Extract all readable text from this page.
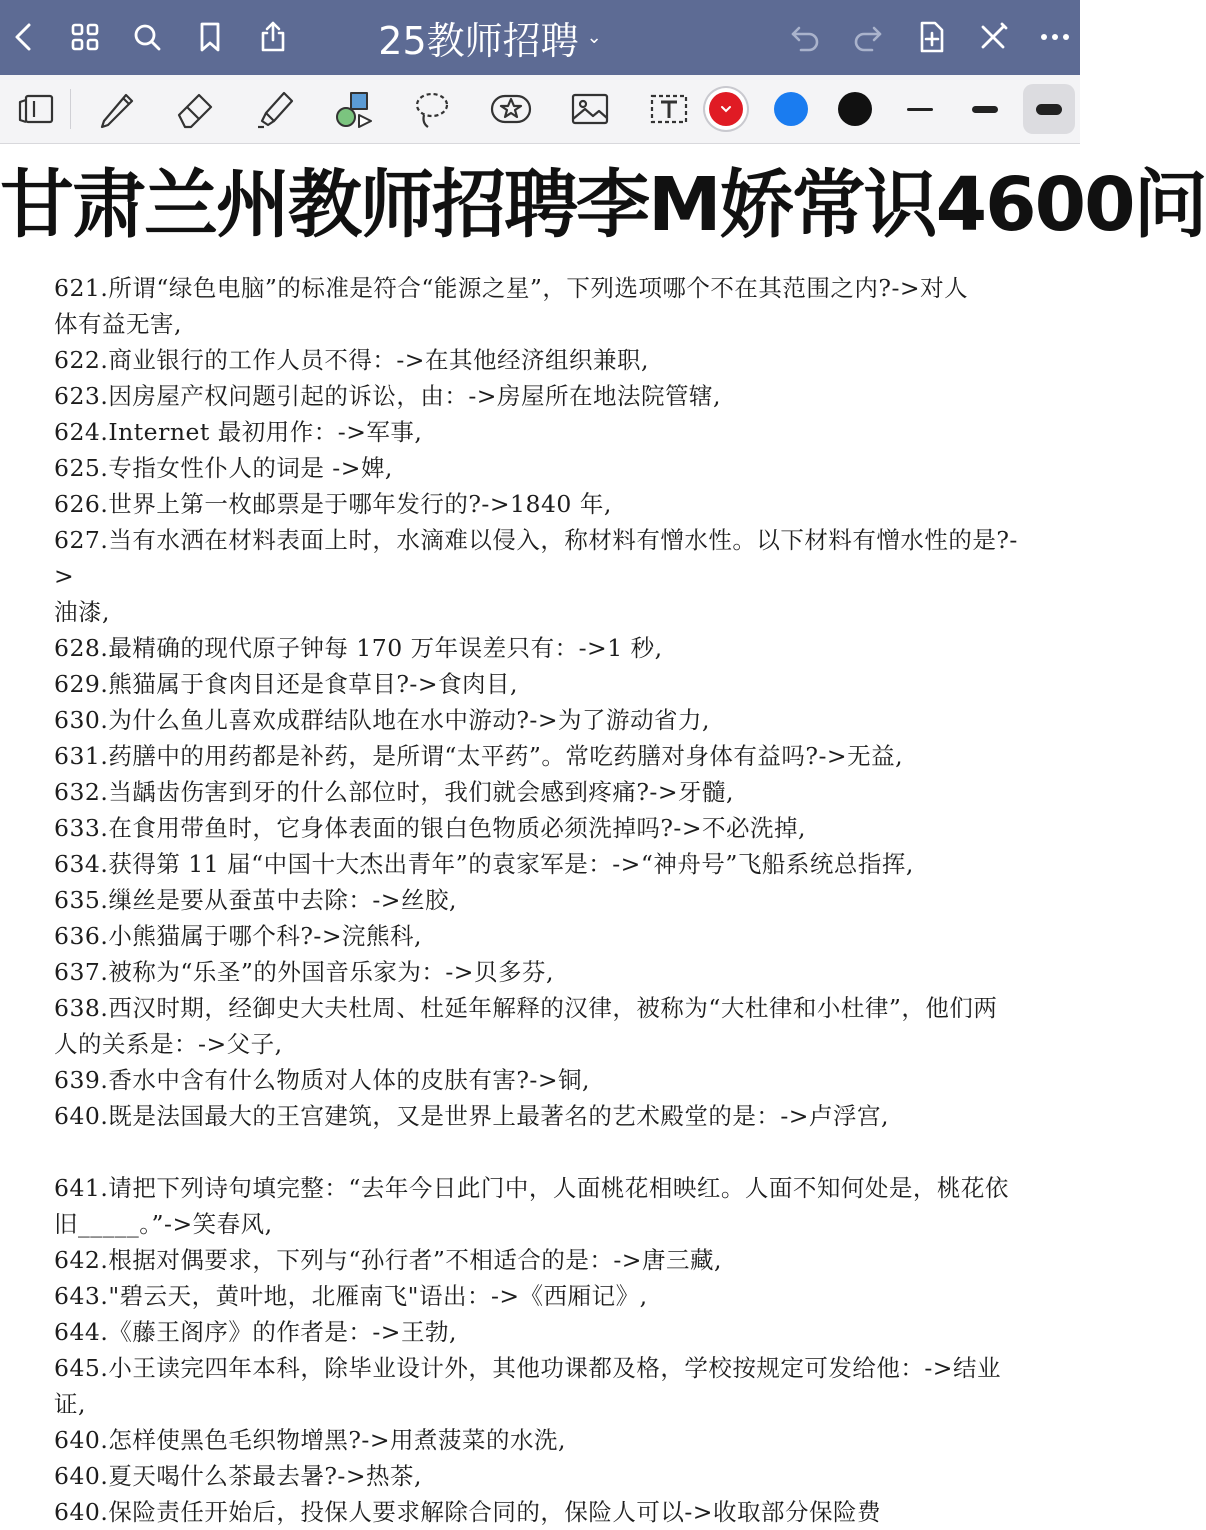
25教师招聘 ⌄
甘肃兰州教师招聘李M娇常识4600问
621.所谓“绿色电脑”的标准是符合“能源之星”，下列选项哪个不在其范围之内?->对人
体有益无害,
622.商业银行的工作人员不得：->在其他经济组织兼职,
623.因房屋产权问题引起的诉讼，由：->房屋所在地法院管辖,
624.Internet 最初用作：->军事,
625.专指女性仆人的词是 ->婢,
626.世界上第一枚邮票是于哪年发行的?->1840 年,
627.当有水洒在材料表面上时，水滴难以侵入，称材料有憎水性。以下材料有憎水性的是?->
油漆,
628.最精确的现代原子钟每 170 万年误差只有：->1 秒,
629.熊猫属于食肉目还是食草目?->食肉目,
630.为什么鱼儿喜欢成群结队地在水中游动?->为了游动省力,
631.药膳中的用药都是补药，是所谓“太平药”。常吃药膳对身体有益吗?->无益,
632.当龋齿伤害到牙的什么部位时，我们就会感到疼痛?->牙髓,
633.在食用带鱼时，它身体表面的银白色物质必须洗掉吗?->不必洗掉,
634.获得第 11 届“中国十大杰出青年”的袁家军是：->“神舟号”飞船系统总指挥,
635.缫丝是要从蚕茧中去除：->丝胶,
636.小熊猫属于哪个科?->浣熊科,
637.被称为“乐圣”的外国音乐家为：->贝多芬,
638.西汉时期，经御史大夫杜周、杜延年解释的汉律，被称为“大杜律和小杜律”，他们两
人的关系是：->父子,
639.香水中含有什么物质对人体的皮肤有害?->铜,
640.既是法国最大的王宫建筑，又是世界上最著名的艺术殿堂的是：->卢浮宫,
641.请把下列诗句填完整：“去年今日此门中，人面桃花相映红。人面不知何处是，桃花依
旧_____。”->笑春风,
642.根据对偶要求，下列与“孙行者”不相适合的是：->唐三藏,
643."碧云天，黄叶地，北雁南飞"语出：->《西厢记》,
644.《藤王阁序》的作者是：->王勃,
645.小王读完四年本科，除毕业设计外，其他功课都及格，学校按规定可发给他：->结业证,
640.怎样使黑色毛织物增黑?->用煮菠菜的水洗,
640.夏天喝什么茶最去暑?->热茶,
640.保险责任开始后，投保人要求解除合同的，保险人可以->收取部分保险费
